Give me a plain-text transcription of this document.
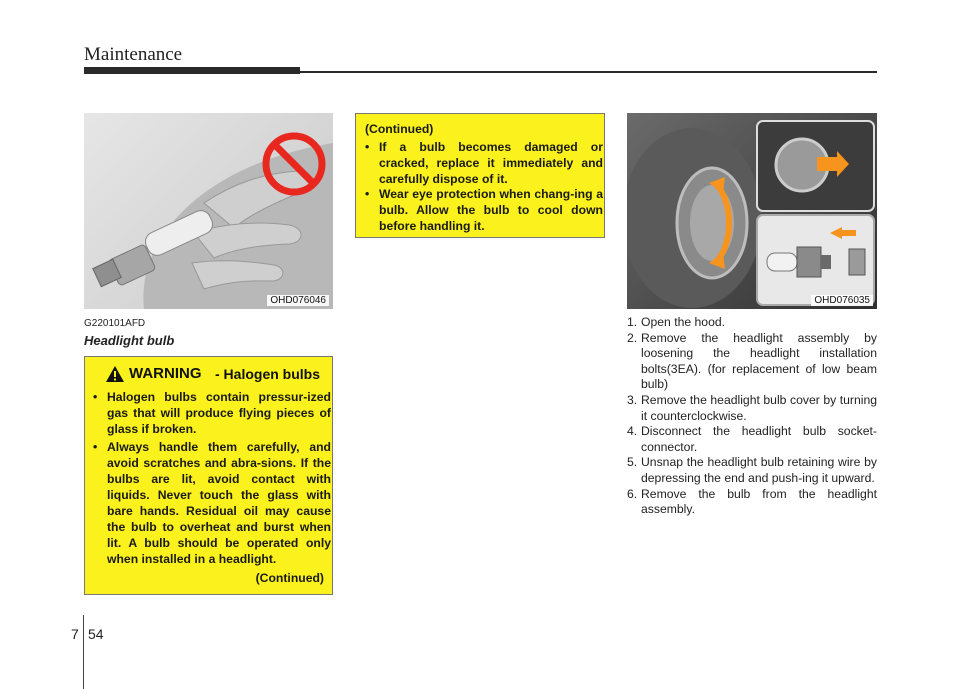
Maintenance
OHD076046	OHD076035
G220101AFD
Headlight bulb
WARNING - Halogen bulbs
• Halogen bulbs contain pressur-ized gas that will produce flying pieces of glass if broken.
• Always handle them carefully, and avoid scratches and abra-sions. If the bulbs are lit, avoid contact with liquids. Never touch the glass with bare hands. Residual oil may cause the bulb to overheat and burst when lit. A bulb should be operated only when installed in a headlight.
(Continued)
(Continued)
• If a bulb becomes damaged or cracked, replace it immediately and carefully dispose of it.
• Wear eye protection when chang-ing a bulb. Allow the bulb to cool down before handling it.

1. Open the hood.

2. Remove the headlight assembly by loosening the headlight installation bolts(3EA). (for replacement of low beam bulb)

3. Remove the headlight bulb cover by turning it counterclockwise.

4. Disconnect the headlight bulb socket-connector.

5. Unsnap the headlight bulb retaining wire by depressing the end and push-ing it upward.

6. Remove the bulb from the headlight assembly.

7 54
